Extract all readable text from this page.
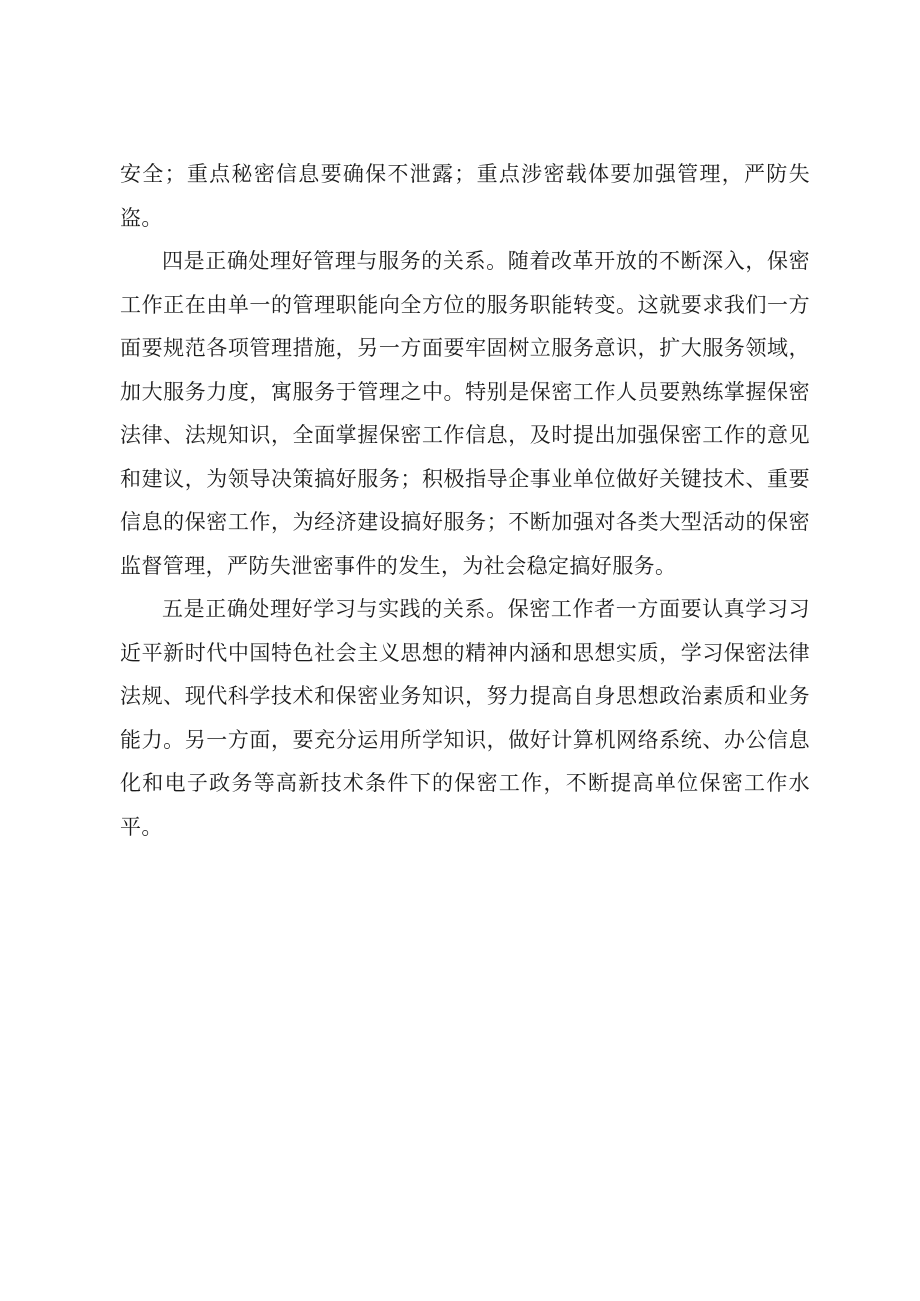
安全；重点秘密信息要确保不泄露；重点涉密载体要加强管理，严防失盗。

四是正确处理好管理与服务的关系。随着改革开放的不断深入，保密工作正在由单一的管理职能向全方位的服务职能转变。这就要求我们一方面要规范各项管理措施，另一方面要牢固树立服务意识，扩大服务领域，加大服务力度，寓服务于管理之中。特别是保密工作人员要熟练掌握保密法律、法规知识，全面掌握保密工作信息，及时提出加强保密工作的意见和建议，为领导决策搞好服务；积极指导企事业单位做好关键技术、重要信息的保密工作，为经济建设搞好服务；不断加强对各类大型活动的保密监督管理，严防失泄密事件的发生，为社会稳定搞好服务。

五是正确处理好学习与实践的关系。保密工作者一方面要认真学习习近平新时代中国特色社会主义思想的精神内涵和思想实质，学习保密法律法规、现代科学技术和保密业务知识，努力提高自身思想政治素质和业务能力。另一方面，要充分运用所学知识，做好计算机网络系统、办公信息化和电子政务等高新技术条件下的保密工作，不断提高单位保密工作水平。
